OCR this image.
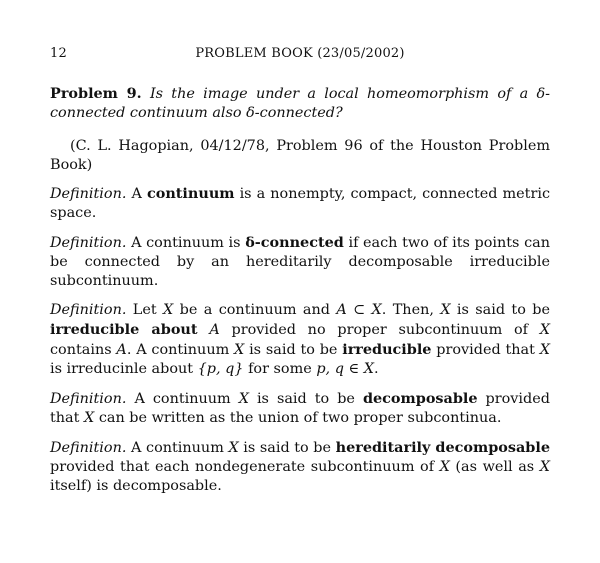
12	PROBLEM BOOK (23/05/2002)

Problem 9. Is the image under a local homeomorphism of a δ-connected continuum also δ-connected?

(C. L. Hagopian, 04/12/78, Problem 96 of the Houston Problem Book)

Definition. A continuum is a nonempty, compact, connected metric space.

Definition. A continuum is δ-connected if each two of its points can be connected by an hereditarily decomposable irreducible subcontinuum.

Definition. Let X be a continuum and A ⊂ X. Then, X is said to be irreducible about A provided no proper subcontinuum of X contains A. A continuum X is said to be irreducible provided that X is irreducinle about {p, q} for some p, q ∈ X.

Definition. A continuum X is said to be decomposable provided that X can be written as the union of two proper subcontinua.

Definition. A continuum X is said to be hereditarily decomposable provided that each nondegenerate subcontinuum of X (as well as X itself) is decomposable.
